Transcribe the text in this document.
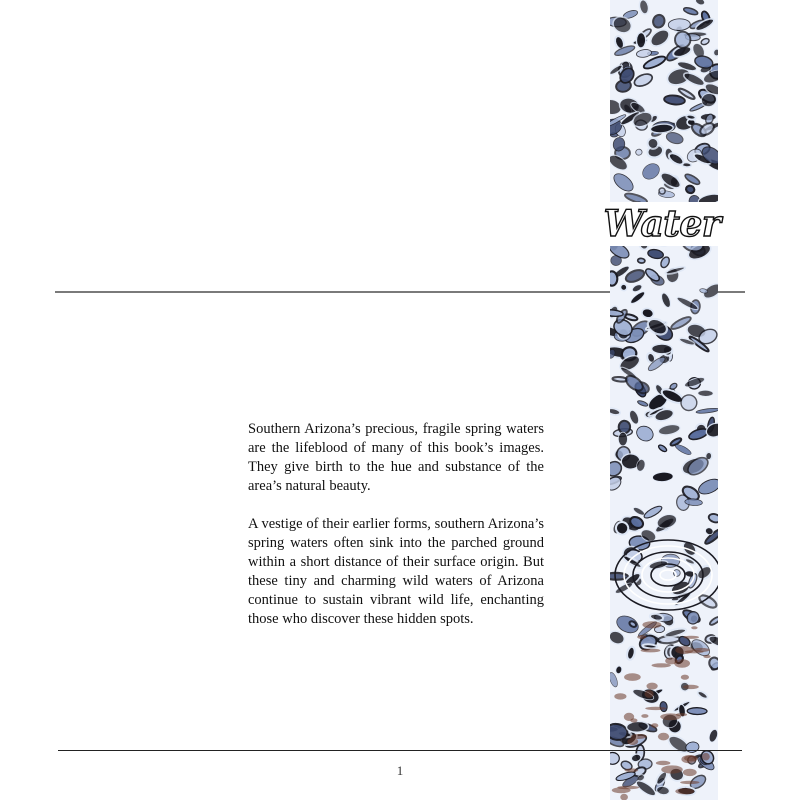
Water

Southern Arizona’s precious, fragile spring waters are the lifeblood of many of this book’s images. They give birth to the hue and substance of the area’s natural beauty.

A vestige of their earlier forms, southern Arizona’s spring waters often sink into the parched ground within a short distance of their surface origin. But these tiny and charming wild waters of Arizona continue to sustain vibrant wild life, enchanting those who discover these hidden spots.

1
